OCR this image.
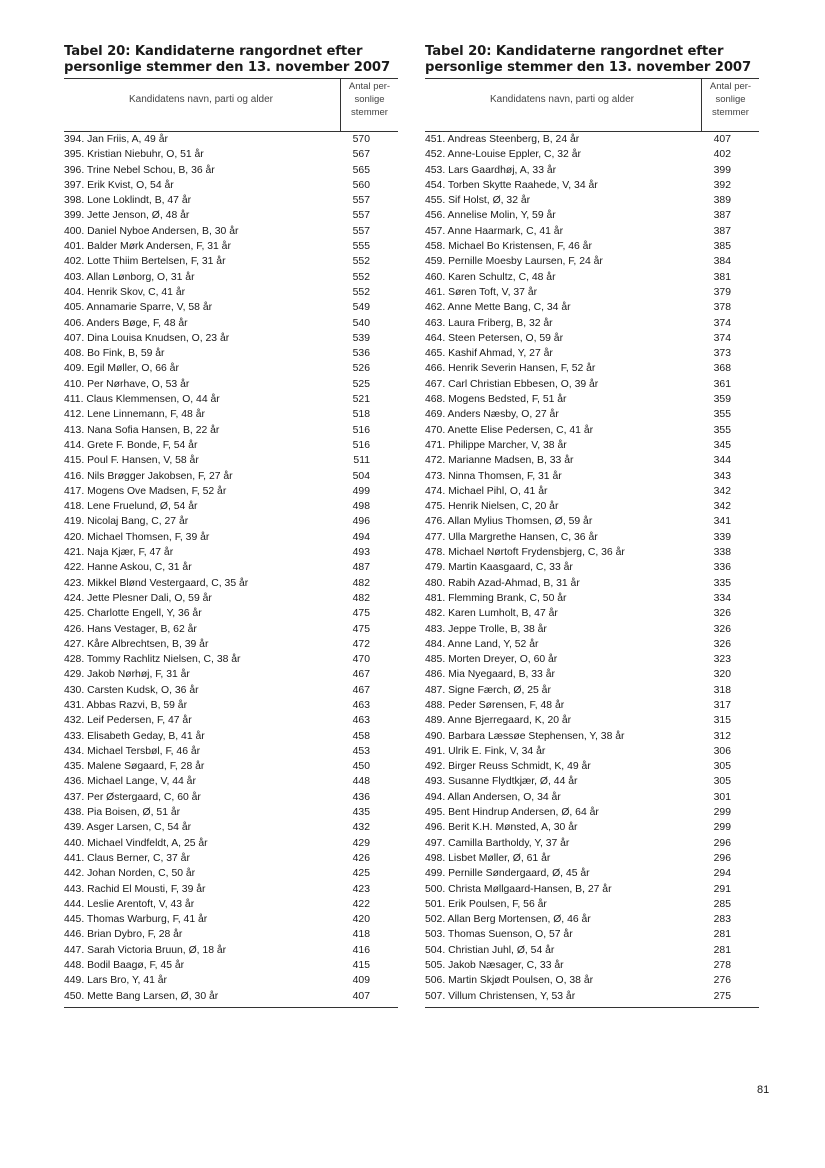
Tabel 20: Kandidaterne rangordnet efter personlige stemmer den 13. november 2007
Kandidatens navn, parti og alder
Antal per-
sonlige
stemmer
394. Jan Friis, A, 49 år	570
395. Kristian Niebuhr, O, 51 år	567
396. Trine Nebel Schou, B, 36 år	565
397. Erik Kvist, O, 54 år	560
398. Lone Loklindt, B, 47 år	557
399. Jette Jenson, Ø, 48 år	557
400. Daniel Nyboe Andersen, B, 30 år	557
401. Balder Mørk Andersen, F, 31 år	555
402. Lotte Thiim Bertelsen, F, 31 år	552
403. Allan Lønborg, O, 31 år	552
404. Henrik Skov, C, 41 år	552
405. Annamarie Sparre, V, 58 år	549
406. Anders Bøge, F, 48 år	540
407. Dina Louisa Knudsen, O, 23 år	539
408. Bo Fink, B, 59 år	536
409. Egil Møller, O, 66 år	526
410. Per Nørhave, O, 53 år	525
411. Claus Klemmensen, O, 44 år	521
412. Lene Linnemann, F, 48 år	518
413. Nana Sofia Hansen, B, 22 år	516
414. Grete F. Bonde, F, 54 år	516
415. Poul F. Hansen, V, 58 år	511
416. Nils Brøgger Jakobsen, F, 27 år	504
417. Mogens Ove Madsen, F, 52 år	499
418. Lene Fruelund, Ø, 54 år	498
419. Nicolaj Bang, C, 27 år	496
420. Michael Thomsen, F, 39 år	494
421. Naja Kjær, F, 47 år	493
422. Hanne Askou, C, 31 år	487
423. Mikkel Blønd Vestergaard, C, 35 år	482
424. Jette Plesner Dali, O, 59 år	482
425. Charlotte Engell, Y, 36 år	475
426. Hans Vestager, B, 62 år	475
427. Kåre Albrechtsen, B, 39 år	472
428. Tommy Rachlitz Nielsen, C, 38 år	470
429. Jakob Nørhøj, F, 31 år	467
430. Carsten Kudsk, O, 36 år	467
431. Abbas Razvi, B, 59 år	463
432. Leif Pedersen, F, 47 år	463
433. Elisabeth Geday, B, 41 år	458
434. Michael Tersbøl, F, 46 år	453
435. Malene Søgaard, F, 28 år	450
436. Michael Lange, V, 44 år	448
437. Per Østergaard, C, 60 år	436
438. Pia Boisen, Ø, 51 år	435
439. Asger Larsen, C, 54 år	432
440. Michael Vindfeldt, A, 25 år	429
441. Claus Berner, C, 37 år	426
442. Johan Norden, C, 50 år	425
443. Rachid El Mousti, F, 39 år	423
444. Leslie Arentoft, V, 43 år	422
445. Thomas Warburg, F, 41 år	420
446. Brian Dybro, F, 28 år	418
447. Sarah Victoria Bruun, Ø, 18 år	416
448. Bodil Baagø, F, 45 år	415
449. Lars Bro, Y, 41 år	409
450. Mette Bang Larsen, Ø, 30 år	407
Tabel 20: Kandidaterne rangordnet efter personlige stemmer den 13. november 2007
Kandidatens navn, parti og alder
Antal per-
sonlige
stemmer
451. Andreas Steenberg, B, 24 år	407
452. Anne-Louise Eppler, C, 32 år	402
453. Lars Gaardhøj, A, 33 år	399
454. Torben Skytte Raahede, V, 34 år	392
455. Sif Holst, Ø, 32 år	389
456. Annelise Molin, Y, 59 år	387
457. Anne Haarmark, C, 41 år	387
458. Michael Bo Kristensen, F, 46 år	385
459. Pernille Moesby Laursen, F, 24 år	384
460. Karen Schultz, C, 48 år	381
461. Søren Toft, V, 37 år	379
462. Anne Mette Bang, C, 34 år	378
463. Laura Friberg, B, 32 år	374
464. Steen Petersen, O, 59 år	374
465. Kashif Ahmad, Y, 27 år	373
466. Henrik Severin Hansen, F, 52 år	368
467. Carl Christian Ebbesen, O, 39 år	361
468. Mogens Bedsted, F, 51 år	359
469. Anders Næsby, O, 27 år	355
470. Anette Elise Pedersen, C, 41 år	355
471. Philippe Marcher, V, 38 år	345
472. Marianne Madsen, B, 33 år	344
473. Ninna Thomsen, F, 31 år	343
474. Michael Pihl, O, 41 år	342
475. Henrik Nielsen, C, 20 år	342
476. Allan Mylius Thomsen, Ø, 59 år	341
477. Ulla Margrethe Hansen, C, 36 år	339
478. Michael Nørtoft Frydensbjerg, C, 36 år	338
479. Martin Kaasgaard, C, 33 år	336
480. Rabih Azad-Ahmad, B, 31 år	335
481. Flemming Brank, C, 50 år	334
482. Karen Lumholt, B, 47 år	326
483. Jeppe Trolle, B, 38 år	326
484. Anne Land, Y, 52 år	326
485. Morten Dreyer, O, 60 år	323
486. Mia Nyegaard, B, 33 år	320
487. Signe Færch, Ø, 25 år	318
488. Peder Sørensen, F, 48 år	317
489. Anne Bjerregaard, K, 20 år	315
490. Barbara Læssøe Stephensen, Y, 38 år	312
491. Ulrik E. Fink, V, 34 år	306
492. Birger Reuss Schmidt, K, 49 år	305
493. Susanne Flydtkjær, Ø, 44 år	305
494. Allan Andersen, O, 34 år	301
495. Bent Hindrup Andersen, Ø, 64 år	299
496. Berit K.H. Mønsted, A, 30 år	299
497. Camilla Bartholdy, Y, 37 år	296
498. Lisbet Møller, Ø, 61 år	296
499. Pernille Søndergaard, Ø, 45 år	294
500. Christa Møllgaard-Hansen, B, 27 år	291
501. Erik Poulsen, F, 56 år	285
502. Allan Berg Mortensen, Ø, 46 år	283
503. Thomas Suenson, O, 57 år	281
504. Christian Juhl, Ø, 54 år	281
505. Jakob Næsager, C, 33 år	278
506. Martin Skjødt Poulsen, O, 38 år	276
507. Villum Christensen, Y, 53 år	275
81
